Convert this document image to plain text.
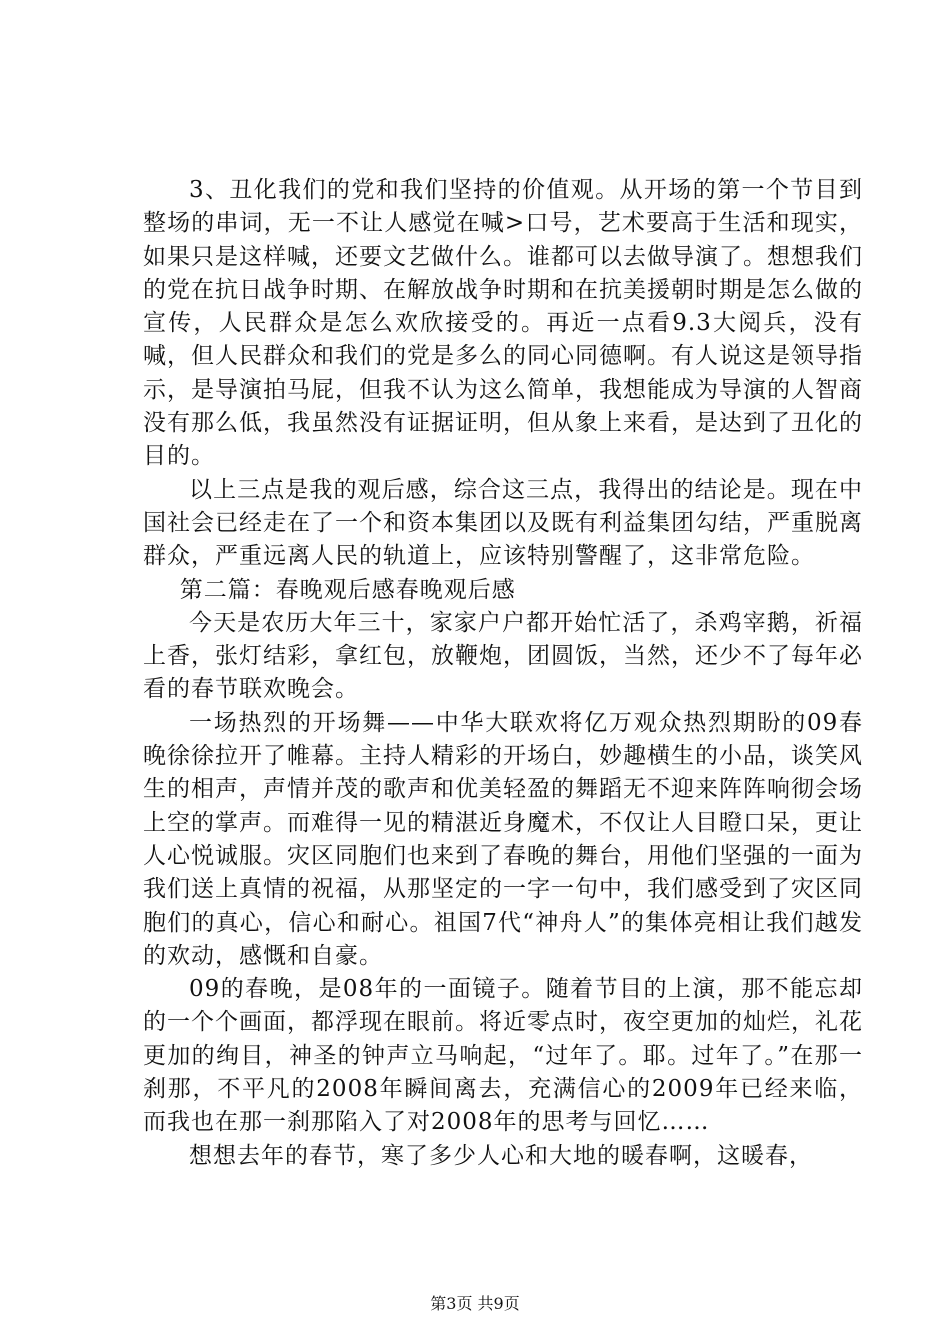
3、丑化我们的党和我们坚持的价值观。从开场的第一个节目到整场的串词，无一不让人感觉在喊>口号，艺术要高于生活和现实，如果只是这样喊，还要文艺做什么。谁都可以去做导演了。想想我们的党在抗日战争时期、在解放战争时期和在抗美援朝时期是怎么做的宣传，人民群众是怎么欢欣接受的。再近一点看9.3大阅兵，没有喊，但人民群众和我们的党是多么的同心同德啊。有人说这是领导指示，是导演拍马屁，但我不认为这么简单，我想能成为导演的人智商没有那么低，我虽然没有证据证明，但从象上来看，是达到了丑化的目的。

以上三点是我的观后感，综合这三点，我得出的结论是。现在中国社会已经走在了一个和资本集团以及既有利益集团勾结，严重脱离群众，严重远离人民的轨道上，应该特别警醒了，这非常危险。

第二篇：春晚观后感春晚观后感

今天是农历大年三十，家家户户都开始忙活了，杀鸡宰鹅，祈福上香，张灯结彩，拿红包，放鞭炮，团圆饭，当然，还少不了每年必看的春节联欢晚会。

一场热烈的开场舞——中华大联欢将亿万观众热烈期盼的09春晚徐徐拉开了帷幕。主持人精彩的开场白，妙趣横生的小品，谈笑风生的相声，声情并茂的歌声和优美轻盈的舞蹈无不迎来阵阵响彻会场上空的掌声。而难得一见的精湛近身魔术，不仅让人目瞪口呆，更让人心悦诚服。灾区同胞们也来到了春晚的舞台，用他们坚强的一面为我们送上真情的祝福，从那坚定的一字一句中，我们感受到了灾区同胞们的真心，信心和耐心。祖国7代“神舟人”的集体亮相让我们越发的欢动，感慨和自豪。

09的春晚，是08年的一面镜子。随着节目的上演，那不能忘却的一个个画面，都浮现在眼前。将近零点时，夜空更加的灿烂，礼花更加的绚目，神圣的钟声立马响起，“过年了。耶。过年了。”在那一刹那，不平凡的2008年瞬间离去，充满信心的2009年已经来临，而我也在那一刹那陷入了对2008年的思考与回忆……

想想去年的春节，寒了多少人心和大地的暖春啊，这暖春，

第3页 共9页
